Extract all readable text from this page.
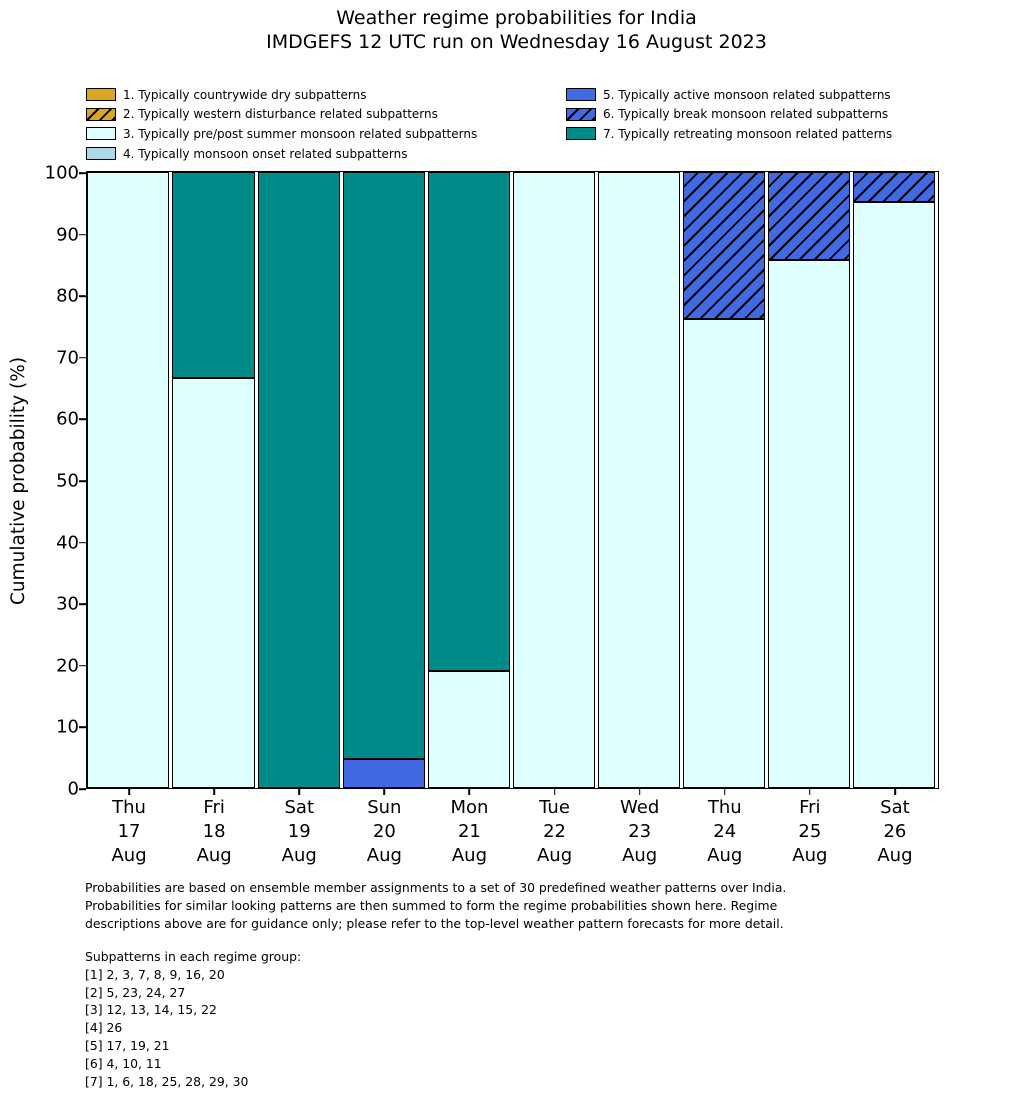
Weather regime probabilities for India
IMDGEFS 12 UTC run on Wednesday 16 August 2023
1. Typically countrywide dry subpatterns
2. Typically western disturbance related subpatterns
3. Typically pre/post summer monsoon related subpatterns
4. Typically monsoon onset related subpatterns
5. Typically active monsoon related subpatterns
6. Typically break monsoon related subpatterns
7. Typically retreating monsoon related patterns
Cumulative probability (%)
0
10
20
30
40
50
60
70
80
90
100
Thu
17
Aug
Fri
18
Aug
Sat
19
Aug
Sun
20
Aug
Mon
21
Aug
Tue
22
Aug
Wed
23
Aug
Thu
24
Aug
Fri
25
Aug
Sat
26
Aug
Probabilities are based on ensemble member assignments to a set of 30 predefined weather patterns over India.
Probabilities for similar looking patterns are then summed to form the regime probabilities shown here. Regime
descriptions above are for guidance only; please refer to the top-level weather pattern forecasts for more detail.
Subpatterns in each regime group:
[1] 2, 3, 7, 8, 9, 16, 20
[2] 5, 23, 24, 27
[3] 12, 13, 14, 15, 22
[4] 26
[5] 17, 19, 21
[6] 4, 10, 11
[7] 1, 6, 18, 25, 28, 29, 30
